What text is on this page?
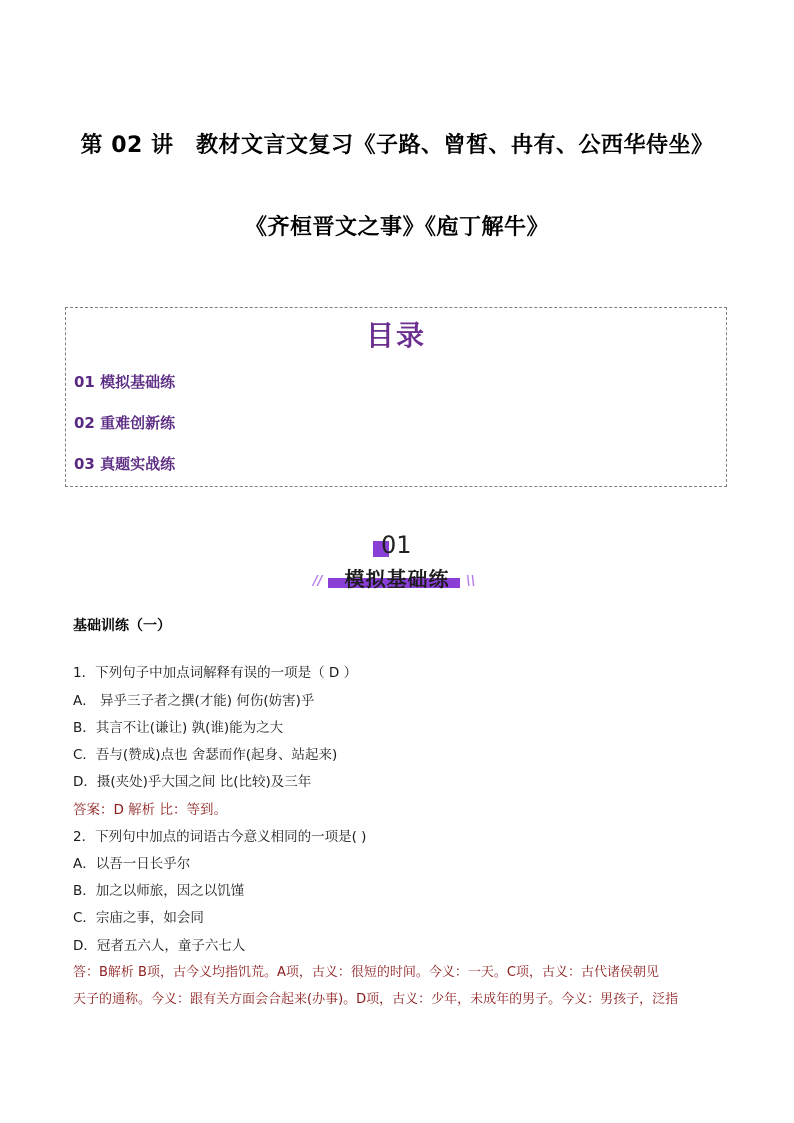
第 02 讲　教材文言文复习《子路、曾皙、冉有、公西华侍坐》
《齐桓晋文之事》《庖丁解牛》
目录
01 模拟基础练
02 重难创新练
03 真题实战练
01
//	模拟基础练	\\
基础训练（一）
1．下列句子中加点词解释有误的一项是（ D ）
A． 异乎三子者之撰(才能) 何伤(妨害)乎
B．其言不让(谦让) 孰(谁)能为之大
C．吾与(赞成)点也 舍瑟而作(起身、站起来)
D．摄(夹处)乎大国之间 比(比较)及三年
答案：D 解析 比：等到。
2．下列句中加点的词语古今意义相同的一项是( )
A．以吾一日长乎尔
B．加之以师旅，因之以饥馑
C．宗庙之事，如会同
D．冠者五六人，童子六七人
答：B解析 B项，古今义均指饥荒。A项，古义：很短的时间。今义：一天。C项，古义：古代诸侯朝见
天子的通称。今义：跟有关方面会合起来(办事)。D项，古义：少年，未成年的男子。今义：男孩子，泛指
